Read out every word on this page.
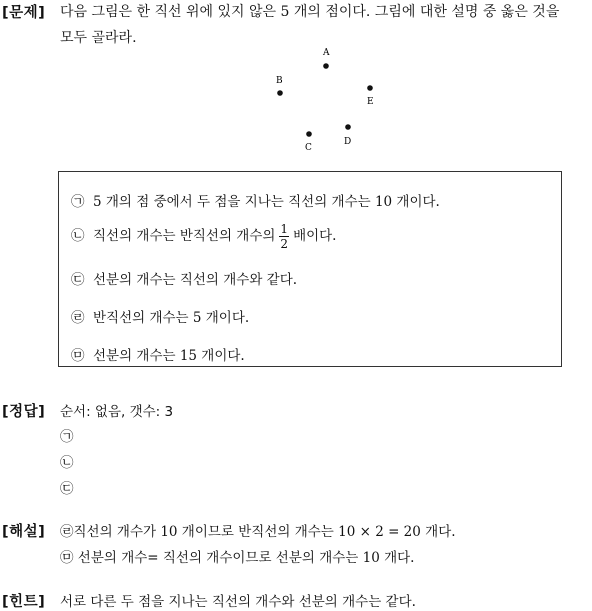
[문제] 다음 그림은 한 직선 위에 있지 않은 5 개의 점이다. 그림에 대한 설명 중 옳은 것을
모두 골라라.
A
B
E
D
C
㉠ 5 개의 점 중에서 두 점을 지나는 직선의 개수는 10 개이다.
㉡ 직선의 개수는 반직선의 개수의 $\frac{1}{2}$ 배이다.
㉢ 선분의 개수는 직선의 개수와 같다.
㉣ 반직선의 개수는 5 개이다.
㉤ 선분의 개수는 15 개이다.
[정답] 순서: 없음, 갯수: 3
㉠
㉡
㉢
[해설] ㉣직선의 개수가 10 개이므로 반직선의 개수는 10 × 2 = 20 개다.
㉤ 선분의 개수= 직선의 개수이므로 선분의 개수는 10 개다.
[힌트] 서로 다른 두 점을 지나는 직선의 개수와 선분의 개수는 같다.
